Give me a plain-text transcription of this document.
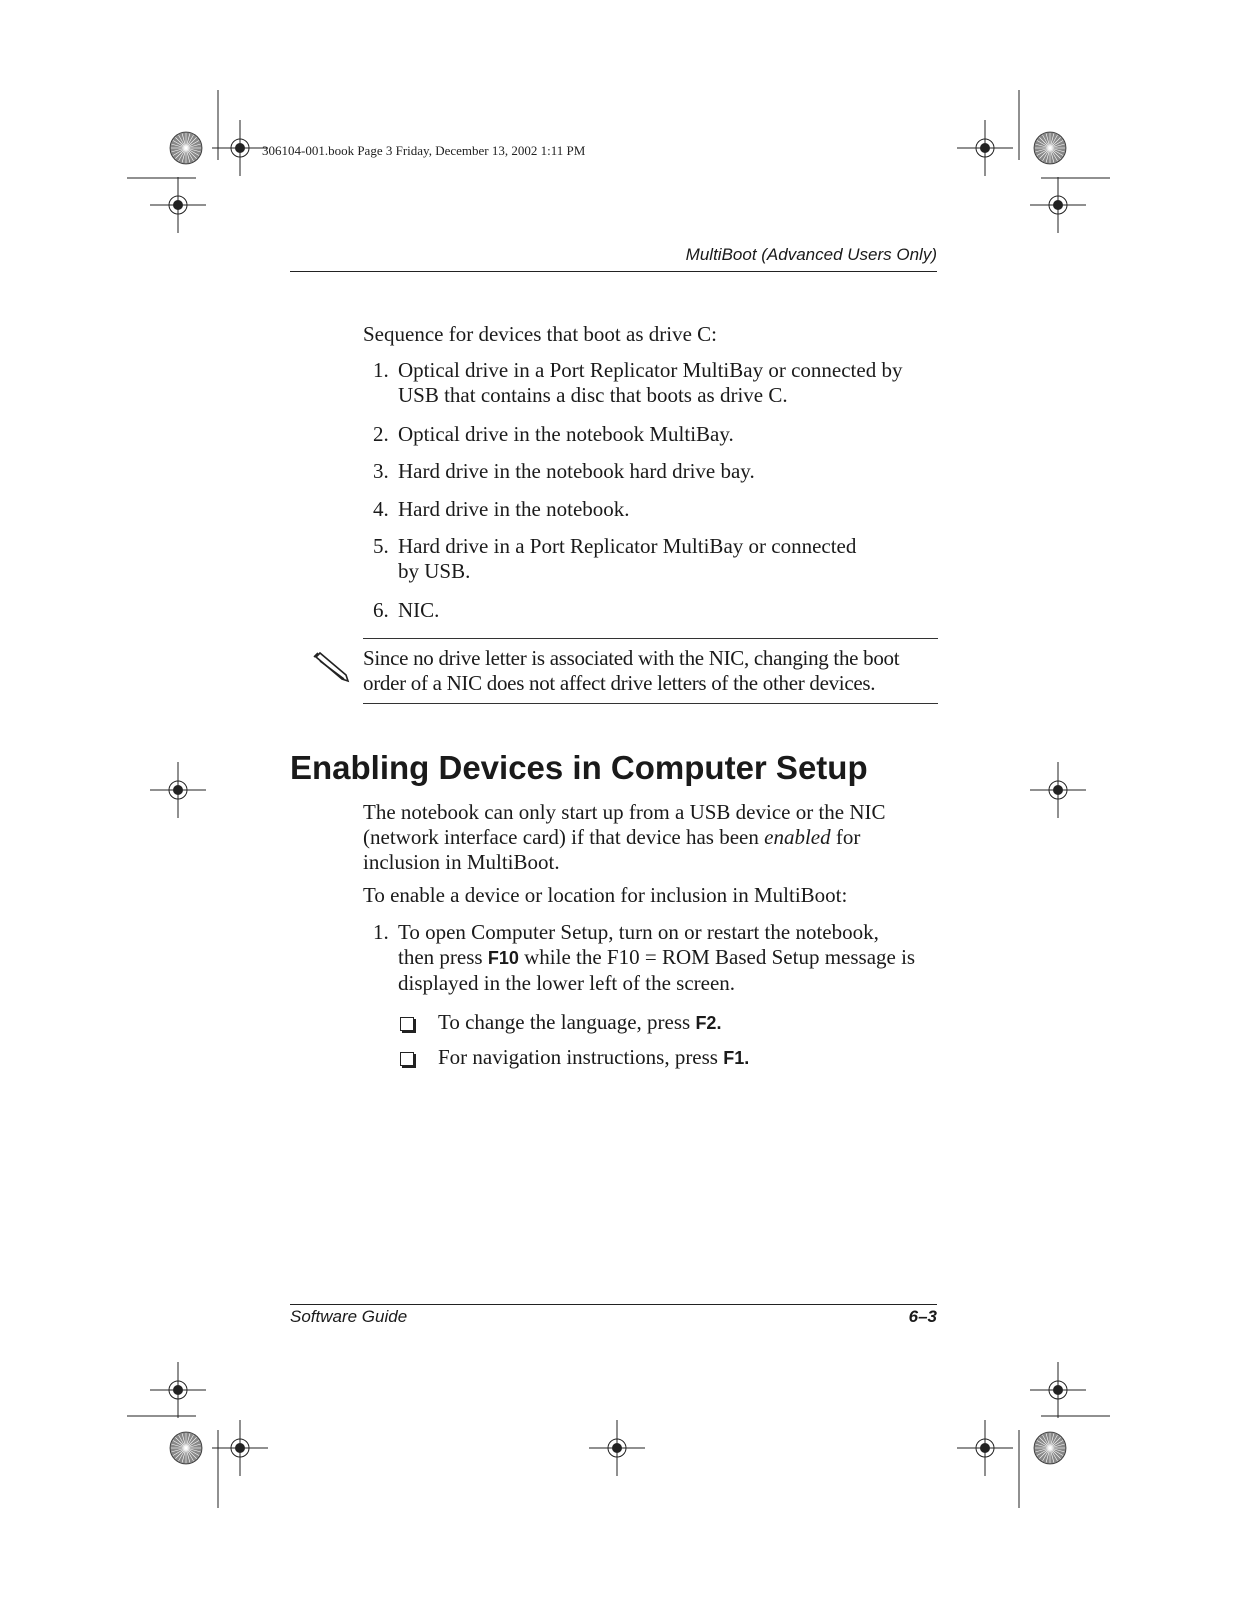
306104-001.book Page 3 Friday, December 13, 2002 1:11 PM
MultiBoot (Advanced Users Only)
Sequence for devices that boot as drive C:
1. Optical drive in a Port Replicator MultiBay or connected by
USB that contains a disc that boots as drive C.
2. Optical drive in the notebook MultiBay.
3. Hard drive in the notebook hard drive bay.
4. Hard drive in the notebook.
5. Hard drive in a Port Replicator MultiBay or connected
by USB.
6. NIC.
Since no drive letter is associated with the NIC, changing the boot
order of a NIC does not affect drive letters of the other devices.
Enabling Devices in Computer Setup
The notebook can only start up from a USB device or the NIC
(network interface card) if that device has been enabled for
inclusion in MultiBoot.
To enable a device or location for inclusion in MultiBoot:
1. To open Computer Setup, turn on or restart the notebook,
then press F10 while the F10 = ROM Based Setup message is
displayed in the lower left of the screen.
To change the language, press F2.
For navigation instructions, press F1.
Software Guide	6–3
